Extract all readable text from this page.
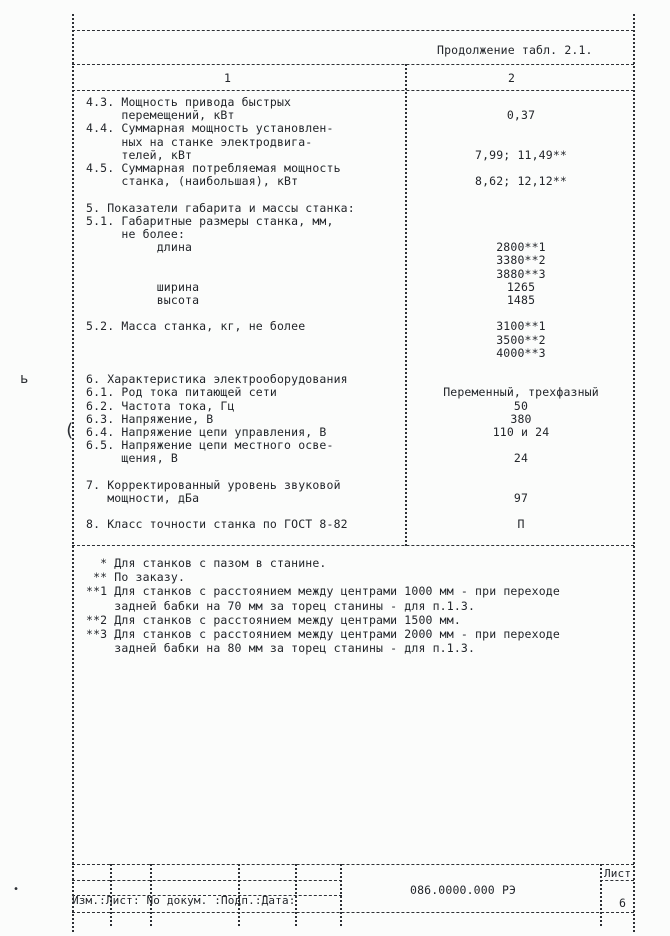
Продолжение табл. 2.1.
1	2
4.3. Мощность привода быстрых
перемещений, кВт	0,37
4.4. Суммарная мощность установлен-
ных на станке электродвига-
телей, кВт	7,99; 11,49**
4.5. Суммарная потребляемая мощность
станка, (наибольшая), кВт	8,62; 12,12**
5. Показатели габарита и массы станка:
5.1. Габаритные размеры станка, мм,
не более:
длина	2800**1
3380**2
3880**3
ширина	1265
высота	1485
5.2. Масса станка, кг, не более	3100**1
3500**2
4000**3
6. Характеристика электрооборудования
6.1. Род тока питающей сети	Переменный, трехфазный
6.2. Частота тока, Гц	50
6.3. Напряжение, В	380
6.4. Напряжение цепи управления, В	110 и 24
6.5. Напряжение цепи местного осве-
щения, В	24
7. Корректированный уровень звуковой
мощности, дБа	97
8. Класс точности станка по ГОСТ 8-82	П
* Для станков с пазом в станине.
** По заказу.
**1 Для станков с расстоянием между центрами 1000 мм - при переходе
задней бабки на 70 мм за торец станины - для п.1.3.
**2 Для станков с расстоянием между центрами 1500 мм.
**3 Для станков с расстоянием между центрами 2000 мм - при переходе
задней бабки на 80 мм за торец станины - для п.1.3.
Изм.:Лист: No докум. :Подп.:Дата:
086.0000.000 РЭ
Лист
6
ь
(
•
